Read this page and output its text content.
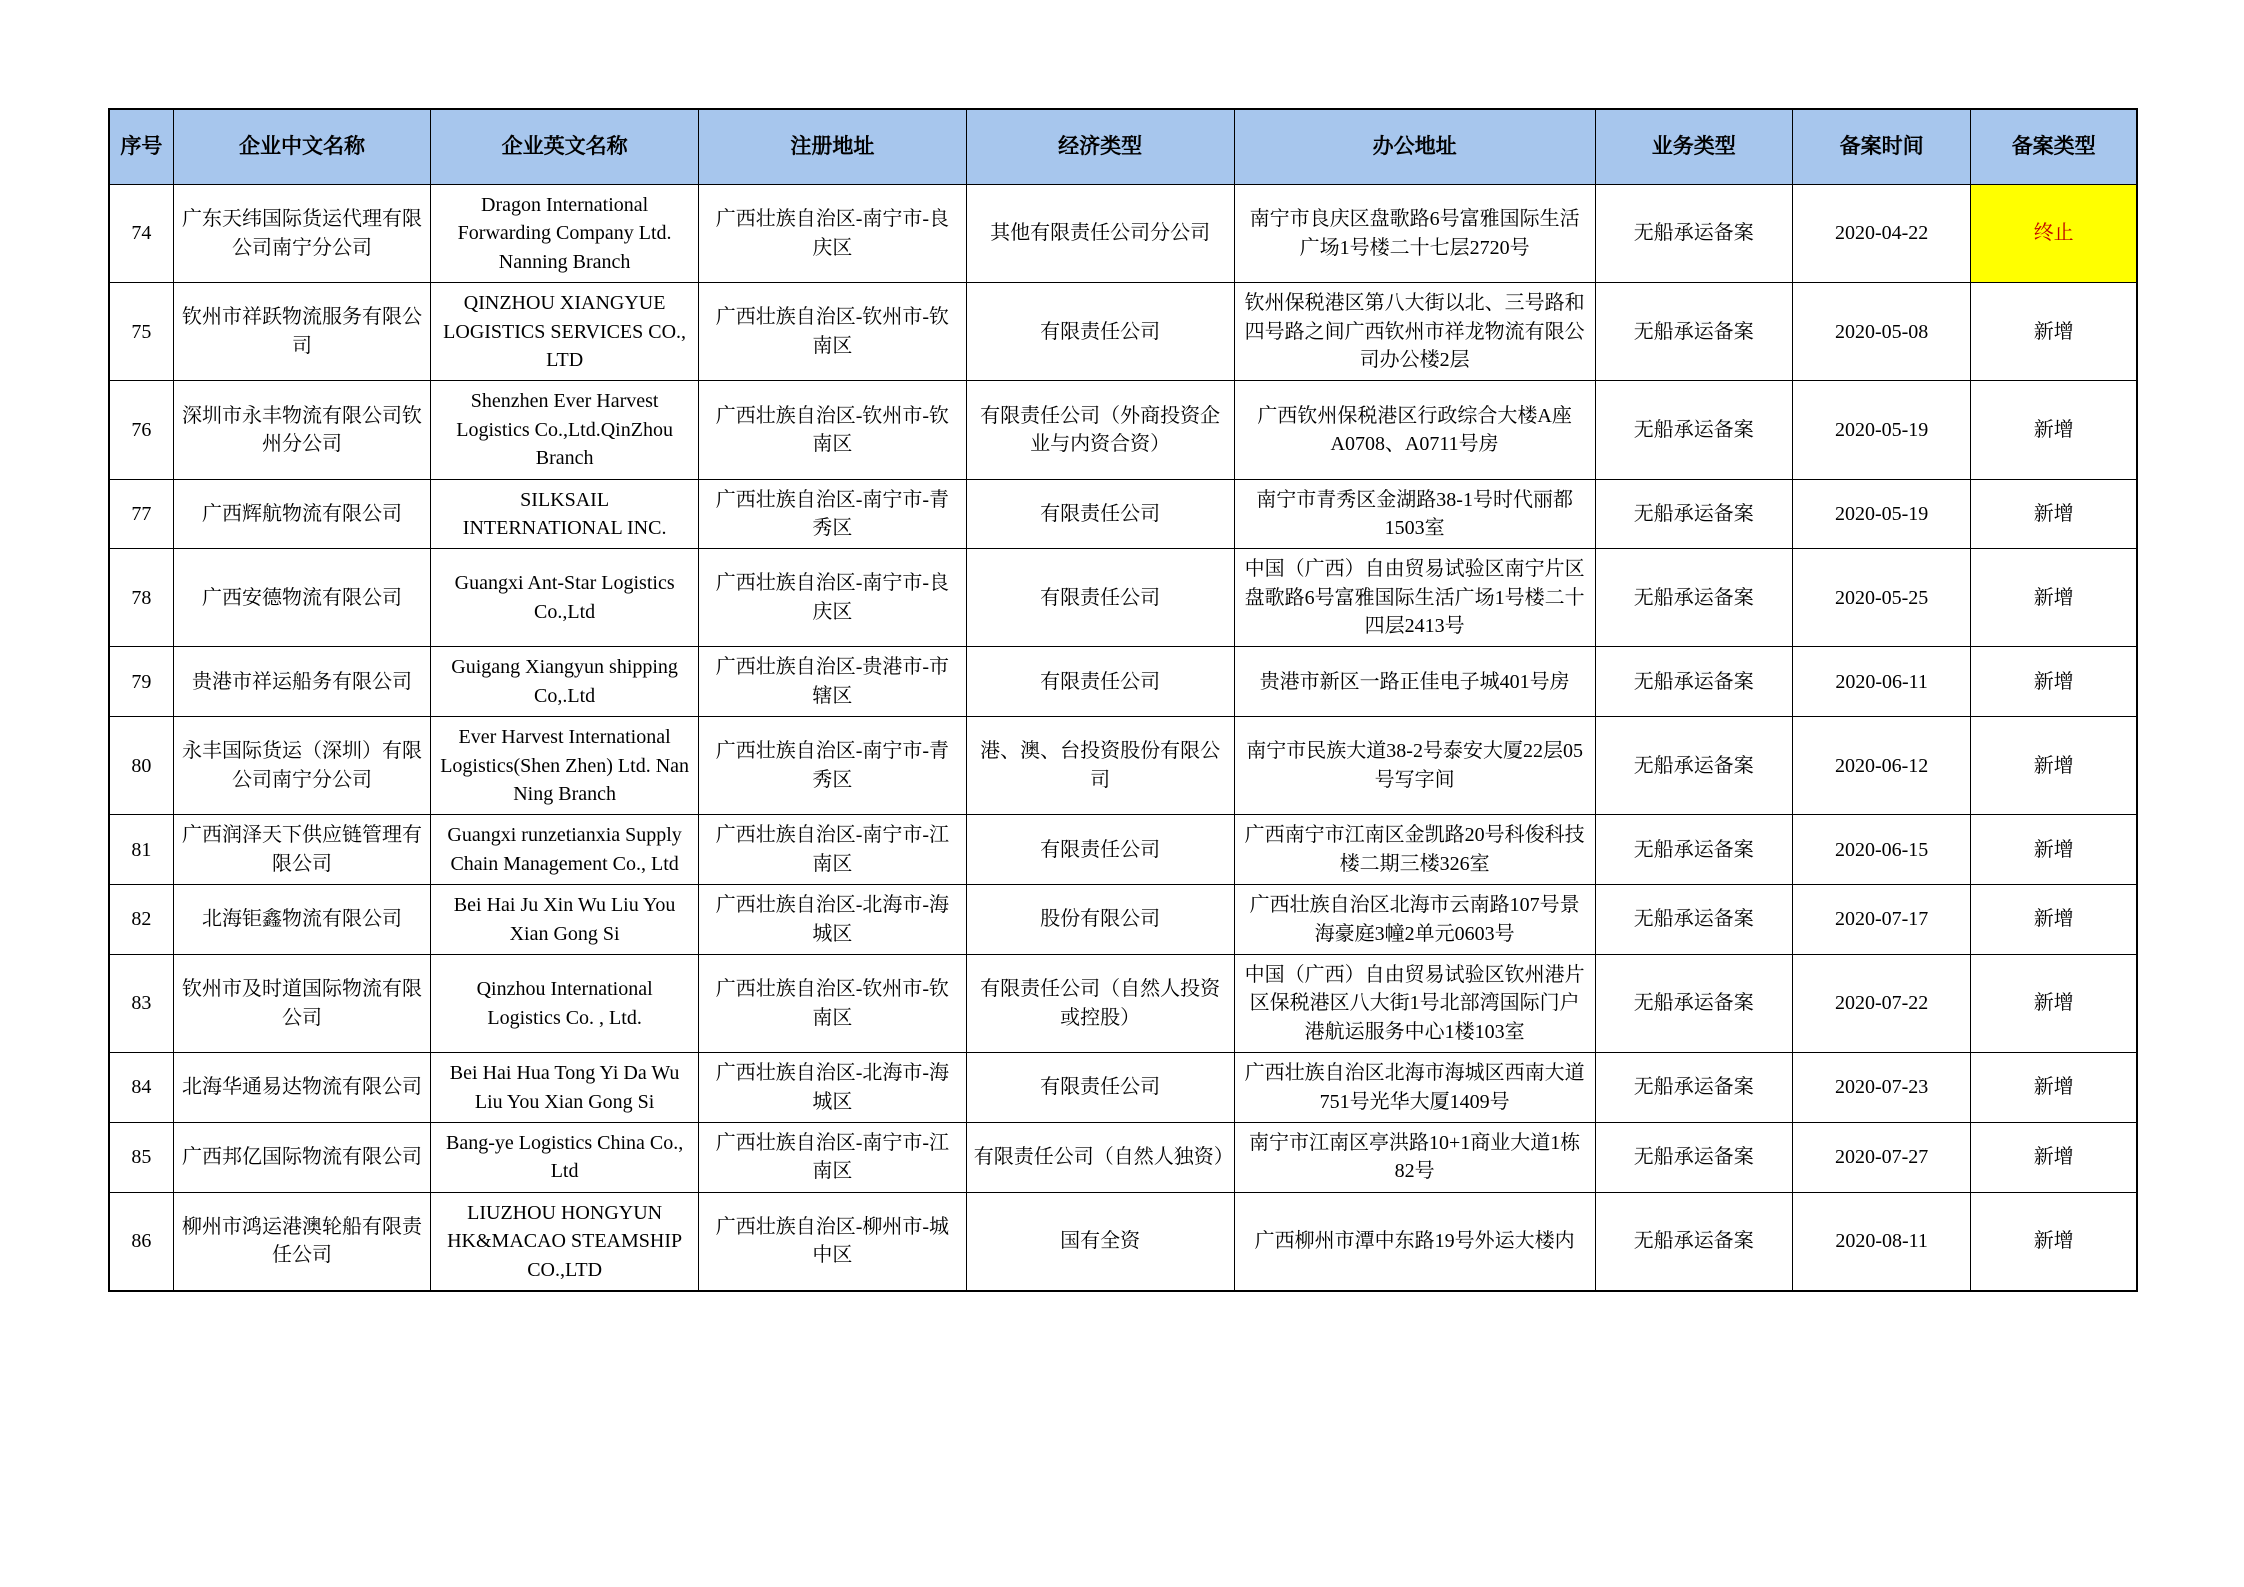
序号	企业中文名称	企业英文名称	注册地址	经济类型	办公地址	业务类型	备案时间	备案类型
74	广东天纬国际货运代理有限公司南宁分公司	Dragon International Forwarding Company Ltd. Nanning Branch	广西壮族自治区-南宁市-良庆区	其他有限责任公司分公司	南宁市良庆区盘歌路6号富雅国际生活广场1号楼二十七层2720号	无船承运备案	2020-04-22	终止
75	钦州市祥跃物流服务有限公司	QINZHOU XIANGYUE LOGISTICS SERVICES CO., LTD	广西壮族自治区-钦州市-钦南区	有限责任公司	钦州保税港区第八大街以北、三号路和四号路之间广西钦州市祥龙物流有限公司办公楼2层	无船承运备案	2020-05-08	新增
76	深圳市永丰物流有限公司钦州分公司	Shenzhen Ever Harvest Logistics Co.,Ltd.QinZhou Branch	广西壮族自治区-钦州市-钦南区	有限责任公司（外商投资企业与内资合资）	广西钦州保税港区行政综合大楼A座A0708、A0711号房	无船承运备案	2020-05-19	新增
77	广西辉航物流有限公司	SILKSAIL INTERNATIONAL INC.	广西壮族自治区-南宁市-青秀区	有限责任公司	南宁市青秀区金湖路38-1号时代丽都1503室	无船承运备案	2020-05-19	新增
78	广西安德物流有限公司	Guangxi Ant-Star Logistics Co.,Ltd	广西壮族自治区-南宁市-良庆区	有限责任公司	中国（广西）自由贸易试验区南宁片区盘歌路6号富雅国际生活广场1号楼二十四层2413号	无船承运备案	2020-05-25	新增
79	贵港市祥运船务有限公司	Guigang Xiangyun shipping Co,.Ltd	广西壮族自治区-贵港市-市辖区	有限责任公司	贵港市新区一路正佳电子城401号房	无船承运备案	2020-06-11	新增
80	永丰国际货运（深圳）有限公司南宁分公司	Ever Harvest International Logistics(Shen Zhen) Ltd. Nan Ning Branch	广西壮族自治区-南宁市-青秀区	港、澳、台投资股份有限公司	南宁市民族大道38-2号泰安大厦22层05号写字间	无船承运备案	2020-06-12	新增
81	广西润泽天下供应链管理有限公司	Guangxi runzetianxia Supply Chain Management Co., Ltd	广西壮族自治区-南宁市-江南区	有限责任公司	广西南宁市江南区金凯路20号科俊科技楼二期三楼326室	无船承运备案	2020-06-15	新增
82	北海钜鑫物流有限公司	Bei Hai Ju Xin Wu Liu You Xian Gong Si	广西壮族自治区-北海市-海城区	股份有限公司	广西壮族自治区北海市云南路107号景海豪庭3幢2单元0603号	无船承运备案	2020-07-17	新增
83	钦州市及时道国际物流有限公司	Qinzhou International Logistics Co. , Ltd.	广西壮族自治区-钦州市-钦南区	有限责任公司（自然人投资或控股）	中国（广西）自由贸易试验区钦州港片区保税港区八大街1号北部湾国际门户港航运服务中心1楼103室	无船承运备案	2020-07-22	新增
84	北海华通易达物流有限公司	Bei Hai Hua Tong Yi Da Wu Liu You Xian Gong Si	广西壮族自治区-北海市-海城区	有限责任公司	广西壮族自治区北海市海城区西南大道751号光华大厦1409号	无船承运备案	2020-07-23	新增
85	广西邦亿国际物流有限公司	Bang-ye Logistics China Co., Ltd	广西壮族自治区-南宁市-江南区	有限责任公司（自然人独资）	南宁市江南区亭洪路10+1商业大道1栋82号	无船承运备案	2020-07-27	新增
86	柳州市鸿运港澳轮船有限责任公司	LIUZHOU HONGYUN HK&MACAO STEAMSHIP CO.,LTD	广西壮族自治区-柳州市-城中区	国有全资	广西柳州市潭中东路19号外运大楼内	无船承运备案	2020-08-11	新增
